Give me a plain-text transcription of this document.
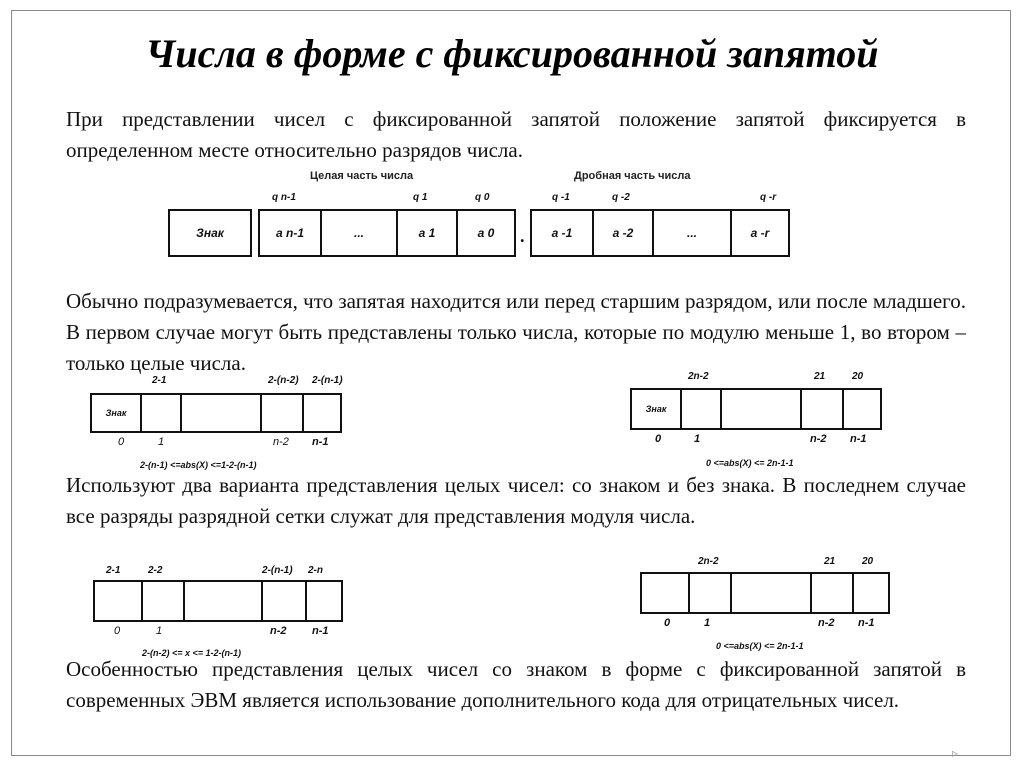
Числа в форме с фиксированной запятой
При представлении чисел с фиксированной запятой положение запятой фиксируется в определенном месте относительно разрядов числа.
Целая часть числа	Дробная часть числа
q n-1	q 1	q 0	q -1	q -2	q -r
Знак	a n-1	...	a 1	a 0	.	a -1	a -2	...	a -r
Обычно подразумевается, что запятая находится или перед старшим разрядом, или после младшего. В первом случае могут быть представлены только числа, которые по модулю меньше 1, во втором – только целые числа.
2-1	2-(n-2) 2-(n-1)
Знак
0	1	n-2 n-1
2-(n-1) <=abs(X) <=1-2-(n-1)
2n-2	21	20
Знак
0	1	n-2 n-1
0 <=abs(X) <= 2n-1-1
Используют два варианта представления целых чисел: со знаком и без знака. В последнем случае все разряды разрядной сетки служат для представления модуля числа.
2-1	2-2	2-(n-1) 2-n
0	1	n-2 n-1
2-(n-2) <= x <= 1-2-(n-1)
2n-2	21	20
0	1	n-2 n-1
0 <=abs(X) <= 2n-1-1
Особенностью представления целых чисел со знаком в форме с фиксированной запятой в современных ЭВМ является использование дополнительного кода для отрицательных чисел.
▹
